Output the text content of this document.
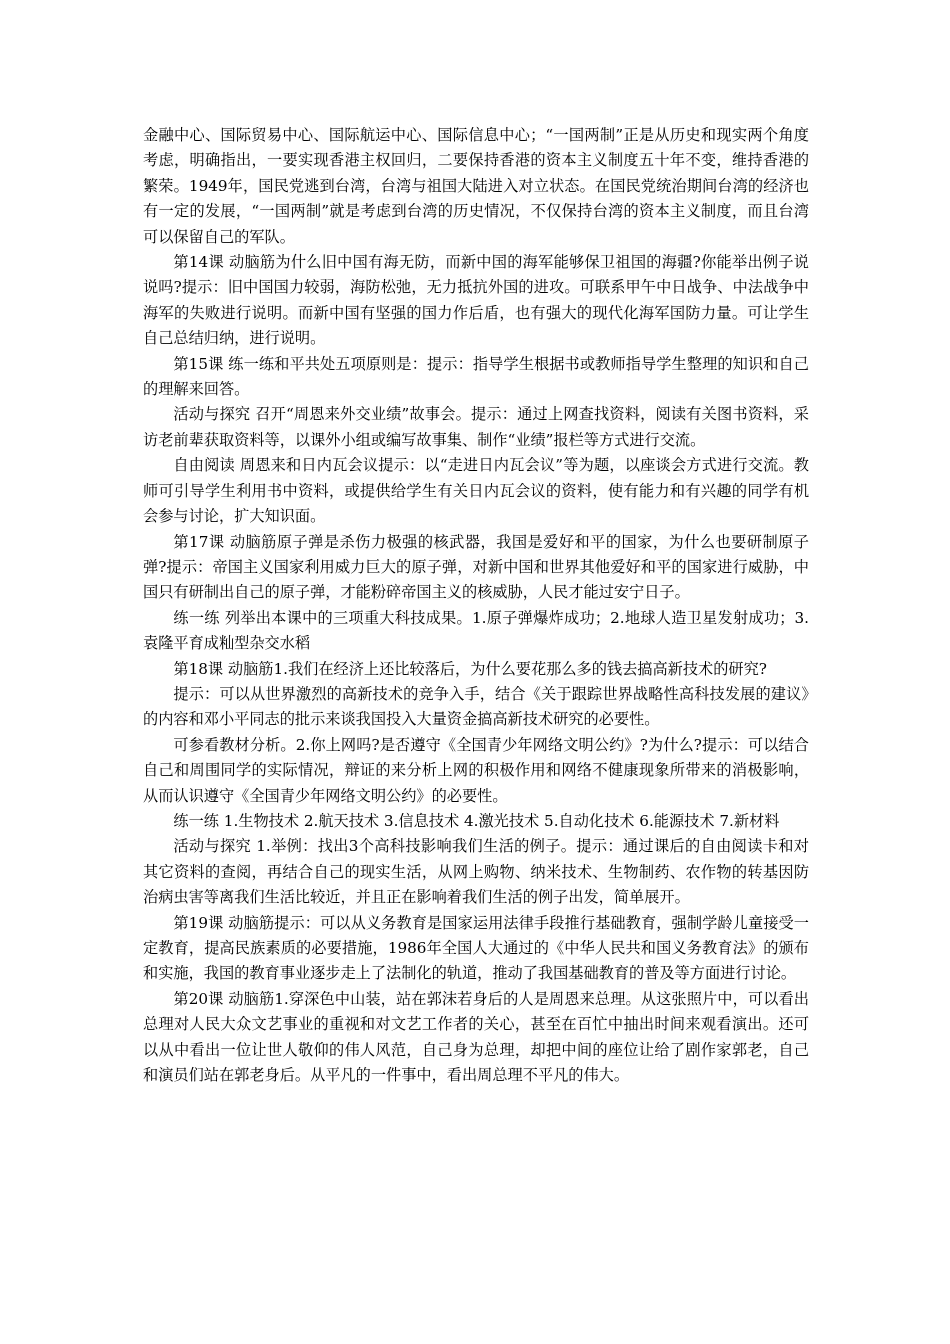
金融中心、国际贸易中心、国际航运中心、国际信息中心；“一国两制”正是从历史和现实两个角度考虑，明确指出，一要实现香港主权回归，二要保持香港的资本主义制度五十年不变，维持香港的繁荣。1949年，国民党逃到台湾，台湾与祖国大陆进入对立状态。在国民党统治期间台湾的经济也有一定的发展，“一国两制”就是考虑到台湾的历史情况，不仅保持台湾的资本主义制度，而且台湾可以保留自己的军队。

第14课 动脑筋为什么旧中国有海无防，而新中国的海军能够保卫祖国的海疆?你能举出例子说说吗?提示：旧中国国力较弱，海防松弛，无力抵抗外国的进攻。可联系甲午中日战争、中法战争中海军的失败进行说明。而新中国有坚强的国力作后盾，也有强大的现代化海军国防力量。可让学生自己总结归纳，进行说明。

第15课 练一练和平共处五项原则是：提示：指导学生根据书或教师指导学生整理的知识和自己的理解来回答。

活动与探究 召开“周恩来外交业绩”故事会。提示：通过上网查找资料，阅读有关图书资料，采访老前辈获取资料等，以课外小组或编写故事集、制作“业绩”报栏等方式进行交流。

自由阅读 周恩来和日内瓦会议提示：以“走进日内瓦会议”等为题，以座谈会方式进行交流。教师可引导学生利用书中资料，或提供给学生有关日内瓦会议的资料，使有能力和有兴趣的同学有机会参与讨论，扩大知识面。

第17课 动脑筋原子弹是杀伤力极强的核武器，我国是爱好和平的国家，为什么也要研制原子弹?提示：帝国主义国家利用威力巨大的原子弹，对新中国和世界其他爱好和平的国家进行威胁，中国只有研制出自己的原子弹，才能粉碎帝国主义的核威胁，人民才能过安宁日子。

练一练 列举出本课中的三项重大科技成果。1.原子弹爆炸成功；2.地球人造卫星发射成功；3.袁隆平育成籼型杂交水稻

第18课 动脑筋1.我们在经济上还比较落后，为什么要花那么多的钱去搞高新技术的研究?

提示：可以从世界激烈的高新技术的竞争入手，结合《关于跟踪世界战略性高科技发展的建议》的内容和邓小平同志的批示来谈我国投入大量资金搞高新技术研究的必要性。

可参看教材分析。2.你上网吗?是否遵守《全国青少年网络文明公约》?为什么?提示：可以结合自己和周围同学的实际情况，辩证的来分析上网的积极作用和网络不健康现象所带来的消极影响，从而认识遵守《全国青少年网络文明公约》的必要性。

练一练 1.生物技术 2.航天技术 3.信息技术 4.激光技术 5.自动化技术 6.能源技术 7.新材料

活动与探究 1.举例：找出3个高科技影响我们生活的例子。提示：通过课后的自由阅读卡和对其它资料的查阅，再结合自己的现实生活，从网上购物、纳米技术、生物制药、农作物的转基因防治病虫害等离我们生活比较近，并且正在影响着我们生活的例子出发，简单展开。

第19课 动脑筋提示：可以从义务教育是国家运用法律手段推行基础教育，强制学龄儿童接受一定教育，提高民族素质的必要措施，1986年全国人大通过的《中华人民共和国义务教育法》的颁布和实施，我国的教育事业逐步走上了法制化的轨道，推动了我国基础教育的普及等方面进行讨论。

第20课 动脑筋1.穿深色中山装，站在郭沫若身后的人是周恩来总理。从这张照片中，可以看出总理对人民大众文艺事业的重视和对文艺工作者的关心，甚至在百忙中抽出时间来观看演出。还可以从中看出一位让世人敬仰的伟人风范，自己身为总理，却把中间的座位让给了剧作家郭老，自己和演员们站在郭老身后。从平凡的一件事中，看出周总理不平凡的伟大。
